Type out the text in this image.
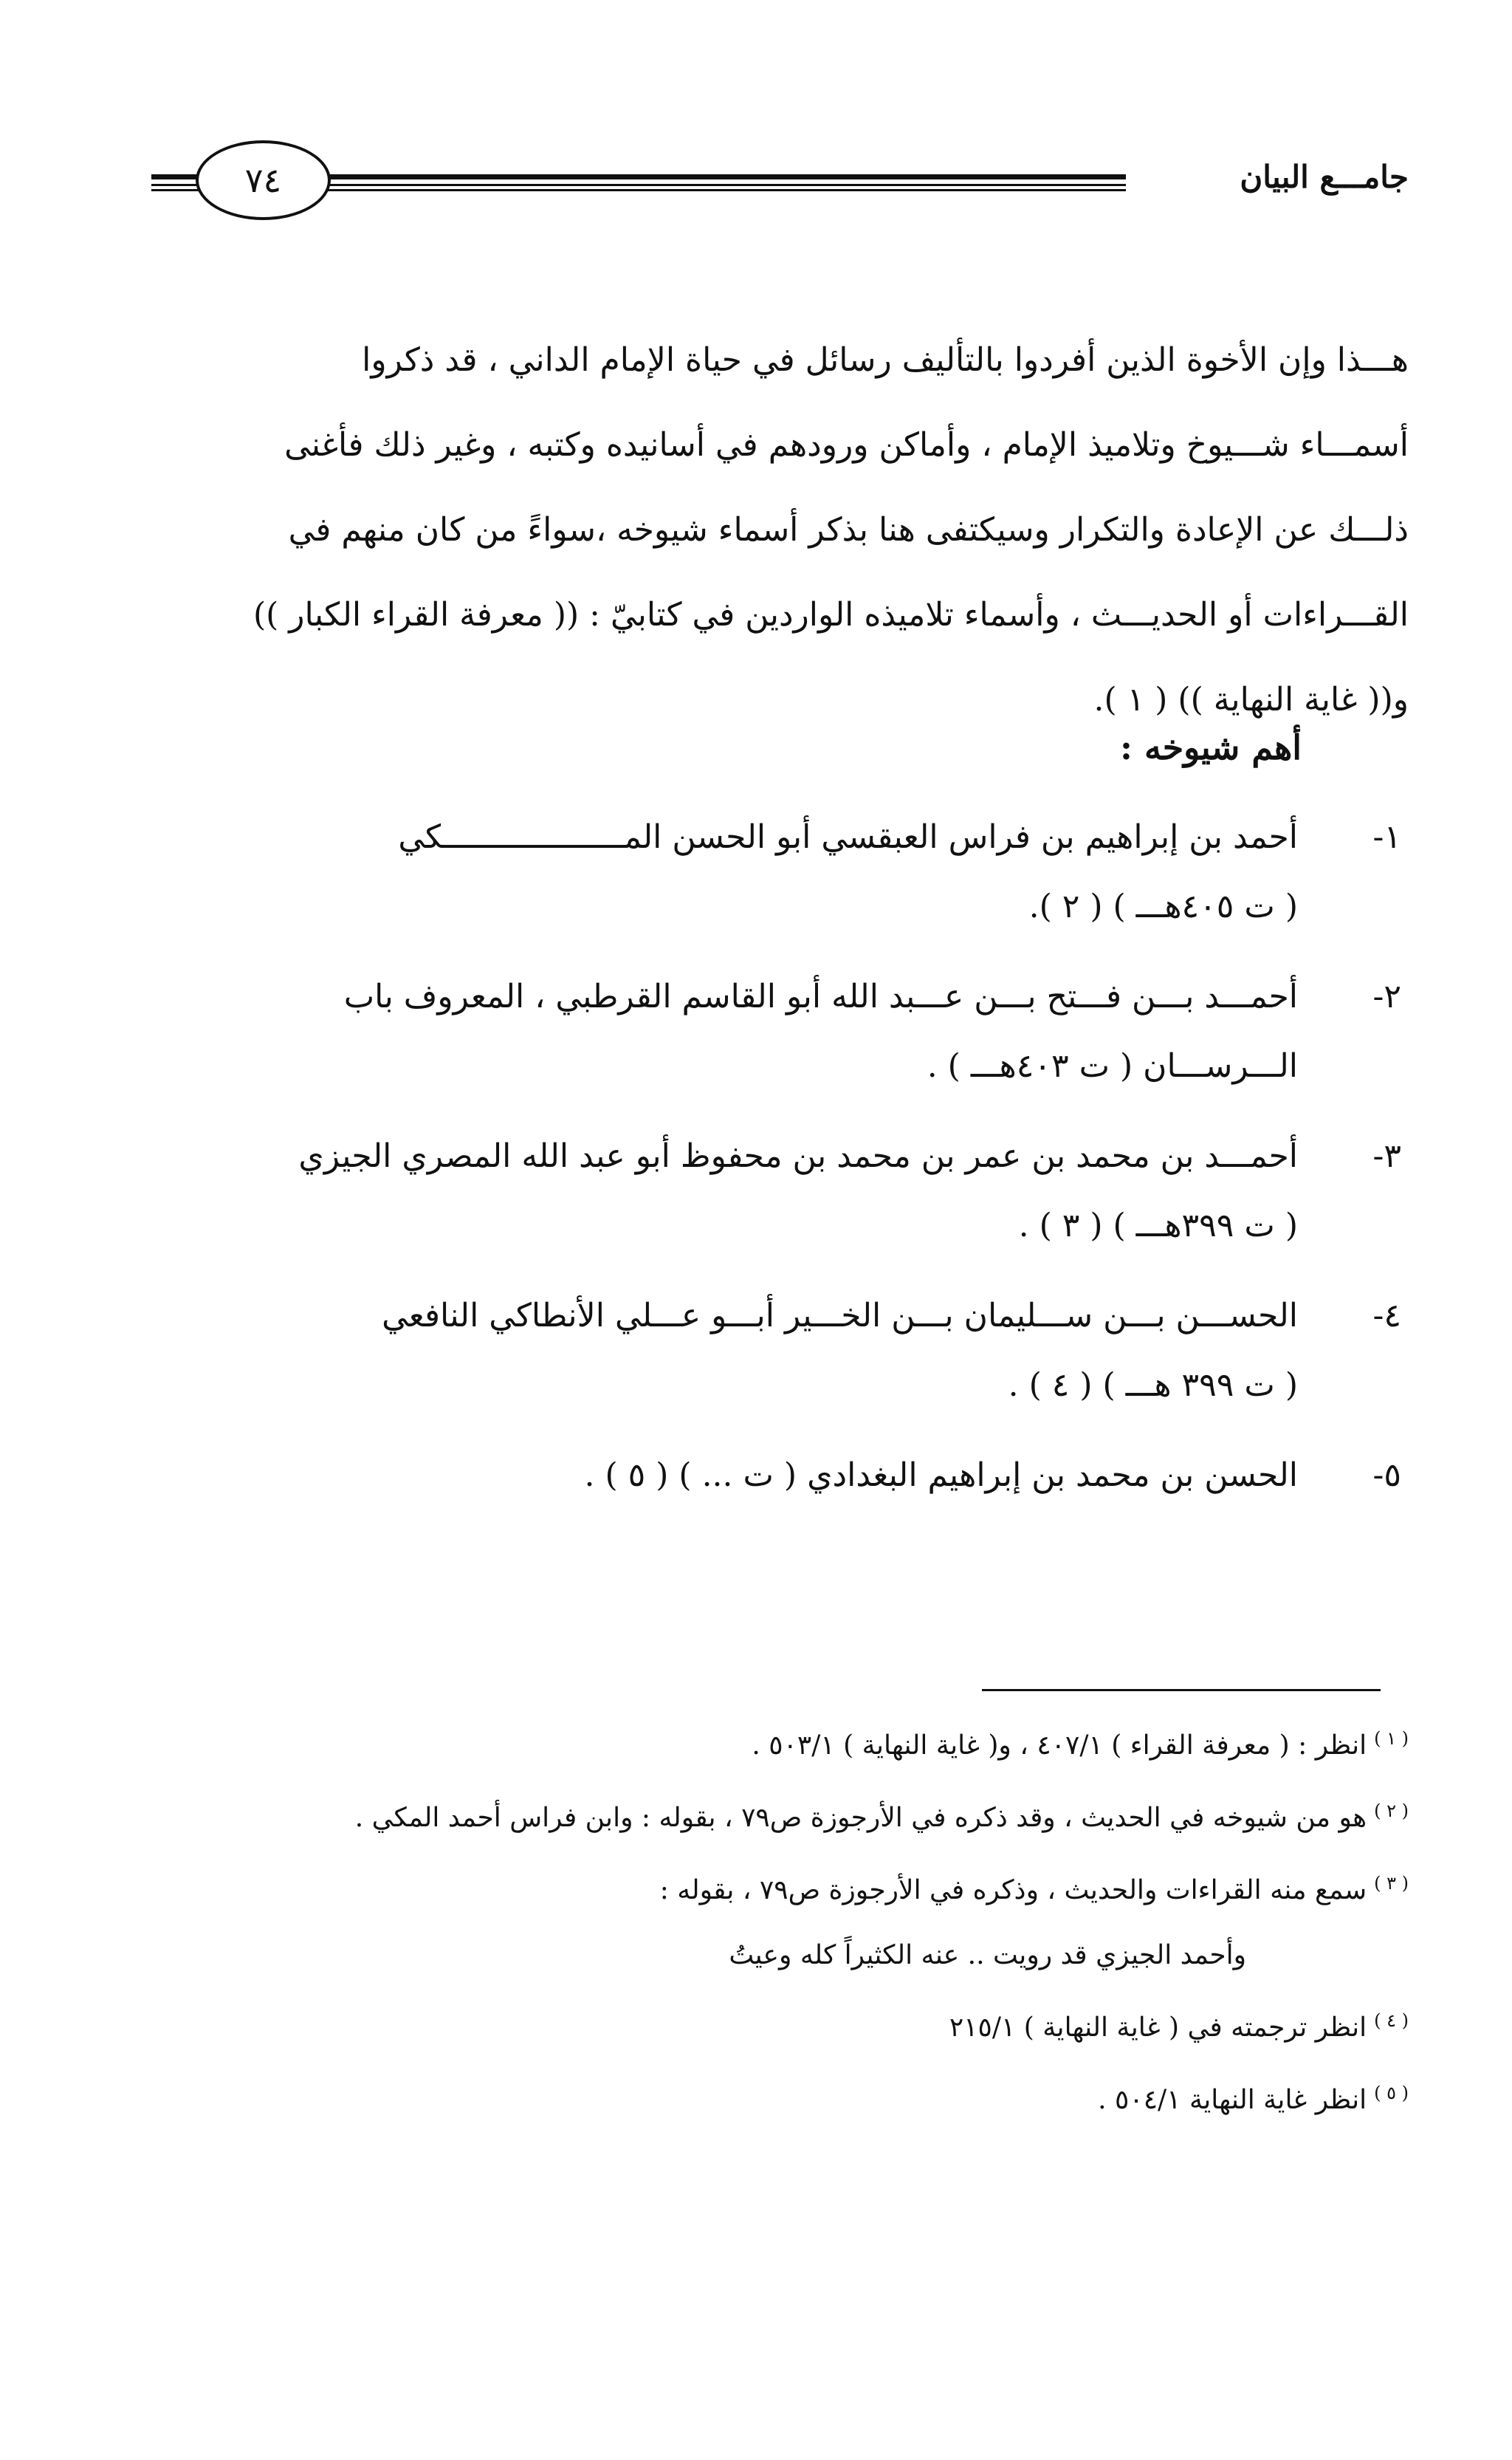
٧٤	جامـــع البيان

هـــذا وإن الأخوة الذين أفردوا بالتأليف رسائل في حياة الإمام الداني ، قد ذكروا

أسمـــاء شـــيوخ وتلاميذ الإمام ، وأماكن ورودهم في أسانيده وكتبه ، وغير ذلك فأغنى

ذلـــك عن الإعادة والتكرار وسيكتفى هنا بذكر أسماء شيوخه ،سواءً من كان منهم في

القـــراءات أو الحديـــث ، وأسماء تلاميذه الواردين في كتابيّ : (( معرفة القراء الكبار ))

و(( غاية النهاية )) ( ١ ).

أهم شيوخه :
١-
أحمد بن إبراهيم بن فراس العبقسي أبو الحسن المـــــــــــــــــــكي
( ت ٤٠٥هـــ ) ( ٢ ).
٢-
أحمـــد بـــن فـــتح بـــن عـــبد الله أبو القاسم القرطبي ، المعروف باب
الـــرســـان ( ت ٤٠٣هـــ ) .
٣-
أحمـــد بن محمد بن عمر بن محمد بن محفوظ أبو عبد الله المصري الجيزي
( ت ٣٩٩هـــ ) ( ٣ ) .
٤-
الحســـن بـــن ســـليمان بـــن الخـــير أبـــو عـــلي الأنطاكي النافعي
( ت ٣٩٩ هـــ ) ( ٤ ) .
٥-
الحسن بن محمد بن إبراهيم البغدادي ( ت ... ) ( ٥ ) .
$^{( ١ )}$انظر : ( معرفة القراء ) ٤٠٧/١ ، و( غاية النهاية ) ٥٠٣/١ .
$^{( ٢ )}$هو من شيوخه في الحديث ، وقد ذكره في الأرجوزة ص٧٩ ، بقوله : وابن فراس أحمد المكي .
$^{( ٣ )}$سمع منه القراءات والحديث ، وذكره في الأرجوزة ص٧٩ ، بقوله :
وأحمد الجيزي قد رويت .. عنه الكثيراً كله وعيتُ
$^{( ٤ )}$انظر ترجمته في ( غاية النهاية ) ٢١٥/١
$^{( ٥ )}$انظر غاية النهاية ٥٠٤/١ .
